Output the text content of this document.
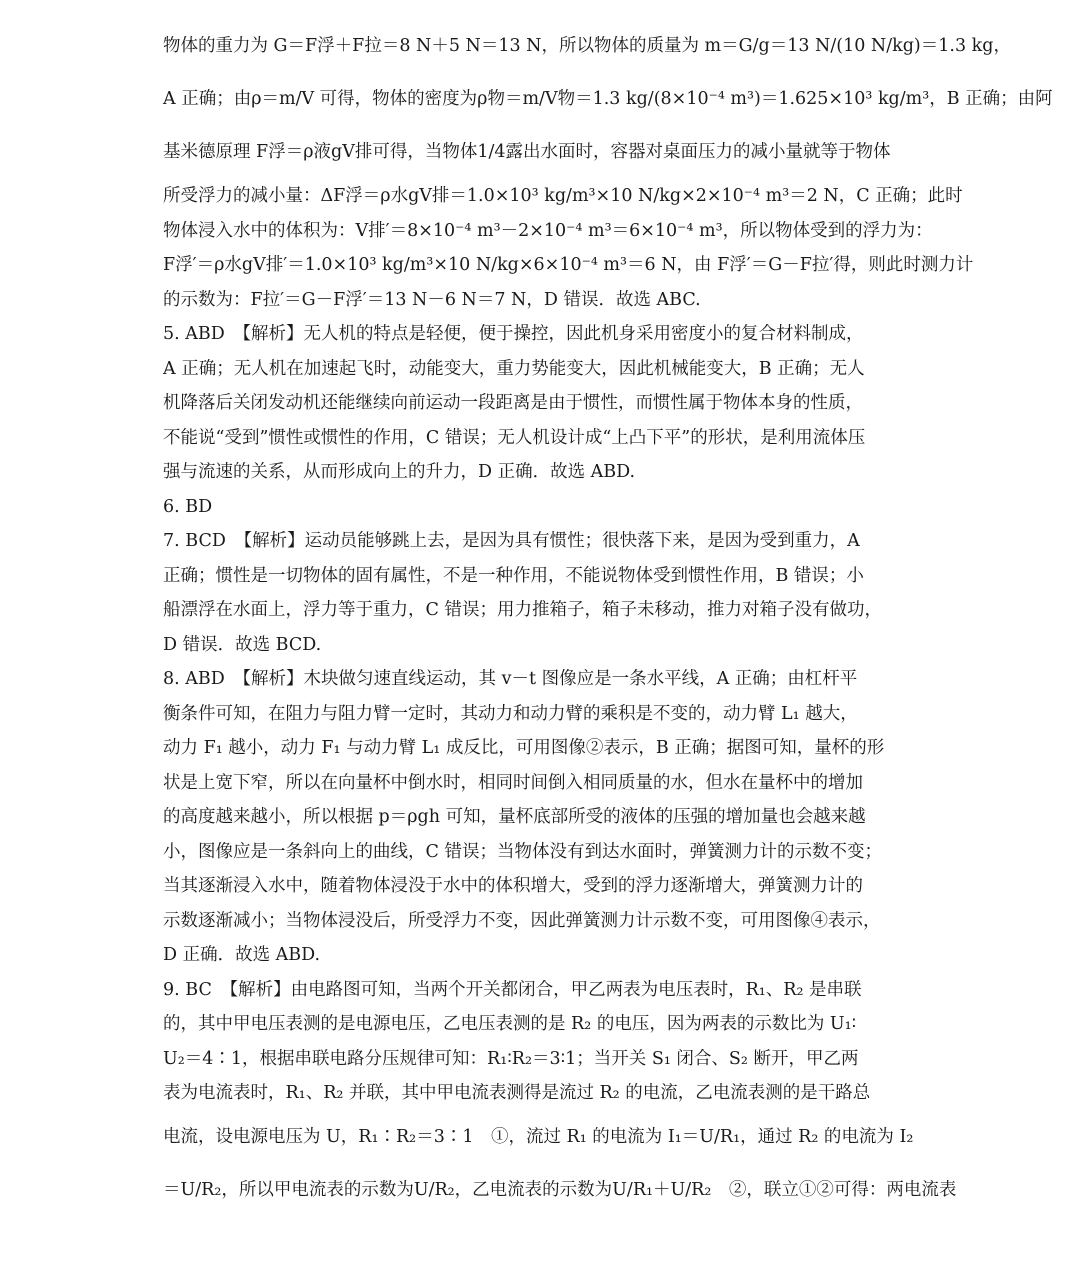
物体的重力为 G＝F浮＋F拉＝8 N＋5 N＝13 N，所以物体的质量为 m＝G/g＝13 N/(10 N/kg)＝1.3 kg，
A 正确；由ρ＝m/V 可得，物体的密度为ρ物＝m/V物＝1.3 kg/(8×10⁻⁴ m³)＝1.625×10³ kg/m³，B 正确；由阿
基米德原理 F浮＝ρ液gV排可得，当物体1/4露出水面时，容器对桌面压力的减小量就等于物体
所受浮力的减小量：ΔF浮＝ρ水gV排＝1.0×10³ kg/m³×10 N/kg×2×10⁻⁴ m³＝2 N，C 正确；此时
物体浸入水中的体积为：V排′＝8×10⁻⁴ m³－2×10⁻⁴ m³＝6×10⁻⁴ m³，所以物体受到的浮力为：
F浮′＝ρ水gV排′＝1.0×10³ kg/m³×10 N/kg×6×10⁻⁴ m³＝6 N，由 F浮′＝G－F拉′得，则此时测力计
的示数为：F拉′＝G－F浮′＝13 N－6 N＝7 N，D 错误．故选 ABC.
5. ABD　【解析】无人机的特点是轻便，便于操控，因此机身采用密度小的复合材料制成，
A 正确；无人机在加速起飞时，动能变大，重力势能变大，因此机械能变大，B 正确；无人
机降落后关闭发动机还能继续向前运动一段距离是由于惯性，而惯性属于物体本身的性质，
不能说“受到”惯性或惯性的作用，C 错误；无人机设计成“上凸下平”的形状，是利用流体压
强与流速的关系，从而形成向上的升力，D 正确．故选 ABD.
6. BD
7. BCD　【解析】运动员能够跳上去，是因为具有惯性；很快落下来，是因为受到重力，A
正确；惯性是一切物体的固有属性，不是一种作用，不能说物体受到惯性作用，B 错误；小
船漂浮在水面上，浮力等于重力，C 错误；用力推箱子，箱子未移动，推力对箱子没有做功，
D 错误．故选 BCD.
8. ABD　【解析】木块做匀速直线运动，其 v－t 图像应是一条水平线，A 正确；由杠杆平
衡条件可知，在阻力与阻力臂一定时，其动力和动力臂的乘积是不变的，动力臂 L₁ 越大，
动力 F₁ 越小，动力 F₁ 与动力臂 L₁ 成反比，可用图像②表示，B 正确；据图可知，量杯的形
状是上宽下窄，所以在向量杯中倒水时，相同时间倒入相同质量的水，但水在量杯中的增加
的高度越来越小，所以根据 p＝ρgh 可知，量杯底部所受的液体的压强的增加量也会越来越
小，图像应是一条斜向上的曲线，C 错误；当物体没有到达水面时，弹簧测力计的示数不变；
当其逐渐浸入水中，随着物体浸没于水中的体积增大，受到的浮力逐渐增大，弹簧测力计的
示数逐渐减小；当物体浸没后，所受浮力不变，因此弹簧测力计示数不变，可用图像④表示，
D 正确．故选 ABD.
9. BC　【解析】由电路图可知，当两个开关都闭合，甲乙两表为电压表时，R₁、R₂ 是串联
的，其中甲电压表测的是电源电压，乙电压表测的是 R₂ 的电压，因为两表的示数比为 U₁∶
U₂＝4∶1，根据串联电路分压规律可知：R₁∶R₂＝3∶1；当开关 S₁ 闭合、S₂ 断开，甲乙两
表为电流表时，R₁、R₂ 并联，其中甲电流表测得是流过 R₂ 的电流，乙电流表测的是干路总
电流，设电源电压为 U，R₁∶R₂＝3∶1　①，流过 R₁ 的电流为 I₁＝U/R₁，通过 R₂ 的电流为 I₂
＝U/R₂，所以甲电流表的示数为U/R₂，乙电流表的示数为U/R₁＋U/R₂　②，联立①②可得：两电流表
